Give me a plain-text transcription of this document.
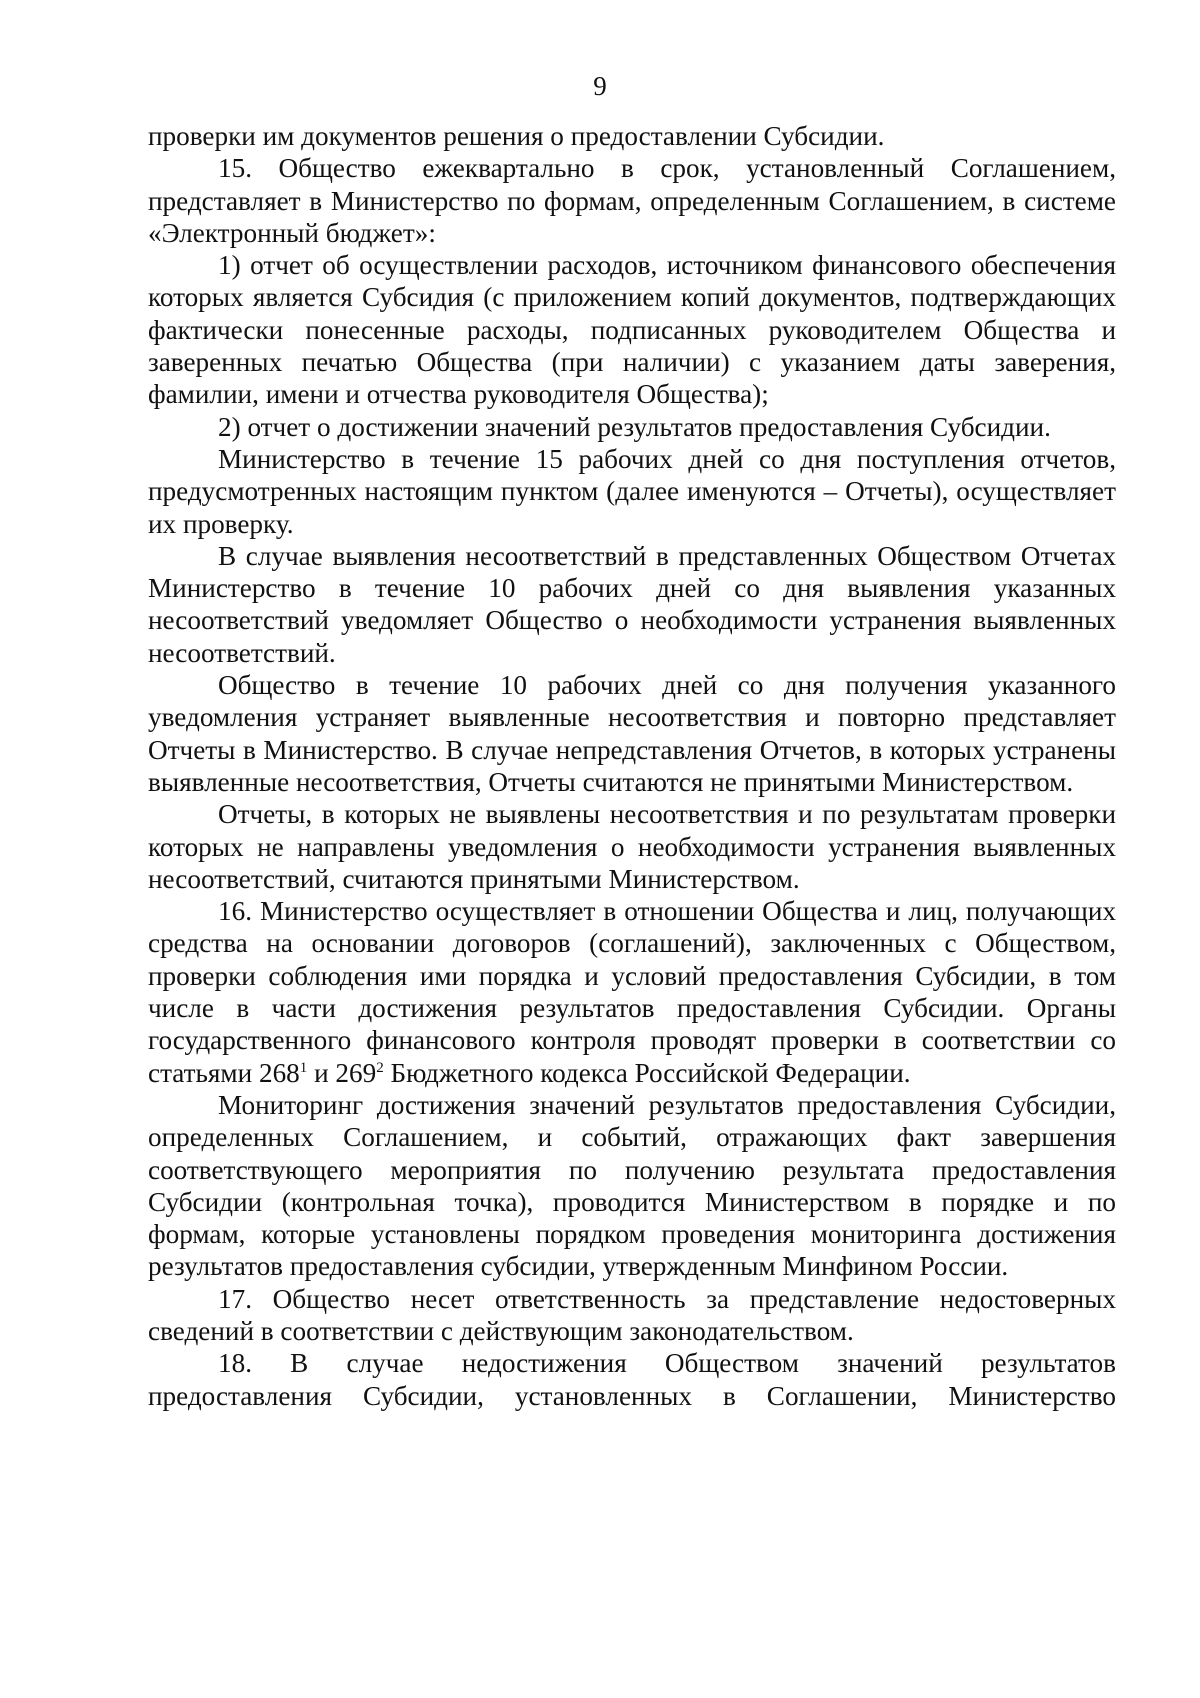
9

проверки им документов решения о предоставлении Субсидии.

15. Общество ежеквартально в срок, установленный Соглашением, представляет в Министерство по формам, определенным Соглашением, в системе «Электронный бюджет»:

1) отчет об осуществлении расходов, источником финансового обеспечения которых является Субсидия (с приложением копий документов, подтверждающих фактически понесенные расходы, подписанных руководителем Общества и заверенных печатью Общества (при наличии) с указанием даты заверения, фамилии, имени и отчества руководителя Общества);

2) отчет о достижении значений результатов предоставления Субсидии.

Министерство в течение 15 рабочих дней со дня поступления отчетов, предусмотренных настоящим пунктом (далее именуются – Отчеты), осуществляет их проверку.

В случае выявления несоответствий в представленных Обществом Отчетах Министерство в течение 10 рабочих дней со дня выявления указанных несоответствий уведомляет Общество о необходимости устранения выявленных несоответствий.

Общество в течение 10 рабочих дней со дня получения указанного уведомления устраняет выявленные несоответствия и повторно представляет Отчеты в Министерство. В случае непредставления Отчетов, в которых устранены выявленные несоответствия, Отчеты считаются не принятыми Министерством.

Отчеты, в которых не выявлены несоответствия и по результатам проверки которых не направлены уведомления о необходимости устранения выявленных несоответствий, считаются принятыми Министерством.

16. Министерство осуществляет в отношении Общества и лиц, получающих средства на основании договоров (соглашений), заключенных с Обществом, проверки соблюдения ими порядка и условий предоставления Субсидии, в том числе в части достижения результатов предоставления Субсидии. Органы государственного финансового контроля проводят проверки в соответствии со статьями $268^1$ и $269^2$ Бюджетного кодекса Российской Федерации.

Мониторинг достижения значений результатов предоставления Субсидии, определенных Соглашением, и событий, отражающих факт завершения соответствующего мероприятия по получению результата предоставления Субсидии (контрольная точка), проводится Министерством в порядке и по формам, которые установлены порядком проведения мониторинга достижения результатов предоставления субсидии, утвержденным Минфином России.

17. Общество несет ответственность за представление недостоверных сведений в соответствии с действующим законодательством.

18. В случае недостижения Обществом значений результатов предоставления Субсидии, установленных в Соглашении, Министерство
